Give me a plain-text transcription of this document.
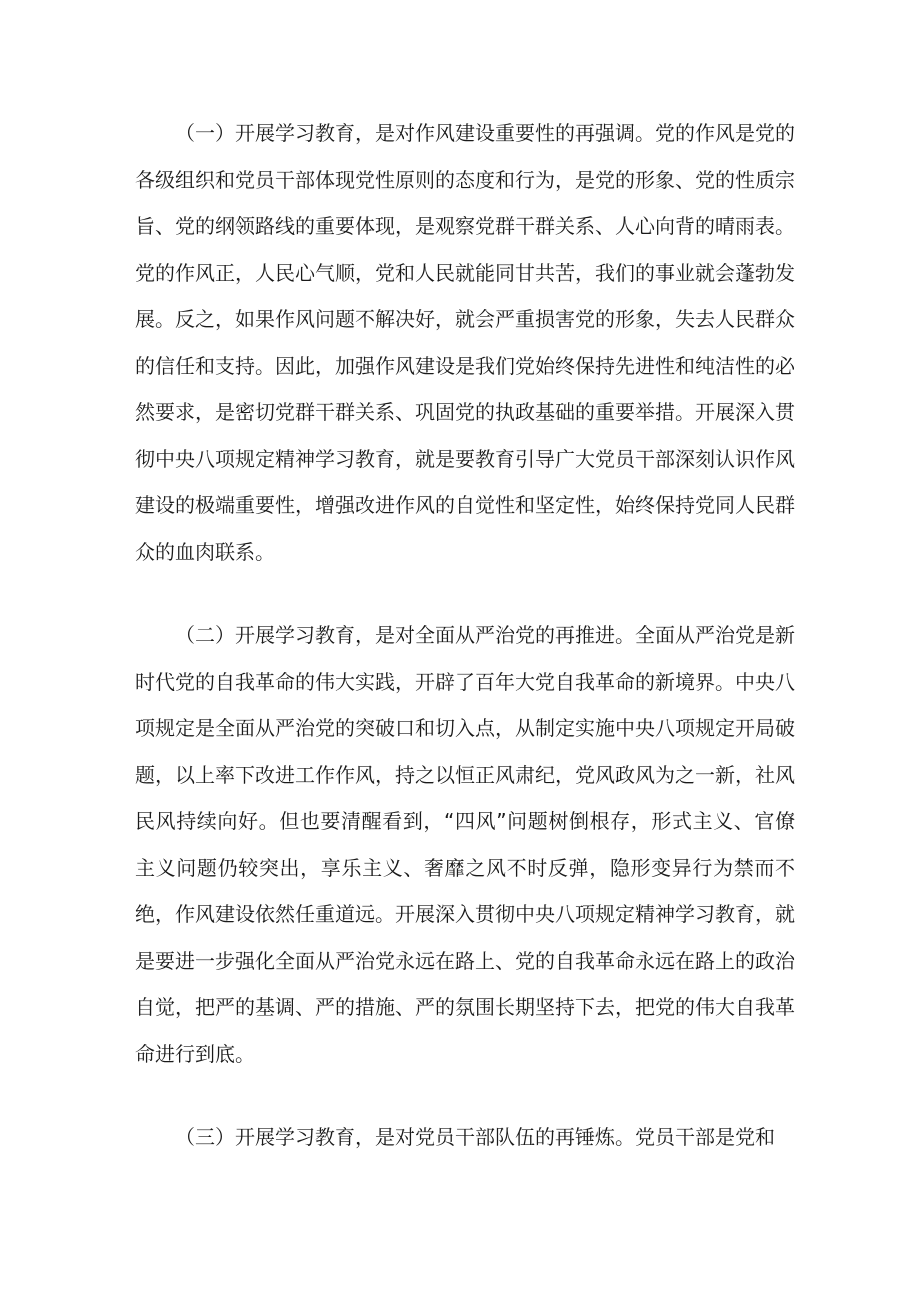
（一）开展学习教育，是对作风建设重要性的再强调。党的作风是党的各级组织和党员干部体现党性原则的态度和行为，是党的形象、党的性质宗旨、党的纲领路线的重要体现，是观察党群干群关系、人心向背的晴雨表。党的作风正，人民心气顺，党和人民就能同甘共苦，我们的事业就会蓬勃发展。反之，如果作风问题不解决好，就会严重损害党的形象，失去人民群众的信任和支持。因此，加强作风建设是我们党始终保持先进性和纯洁性的必然要求，是密切党群干群关系、巩固党的执政基础的重要举措。开展深入贯彻中央八项规定精神学习教育，就是要教育引导广大党员干部深刻认识作风建设的极端重要性，增强改进作风的自觉性和坚定性，始终保持党同人民群众的血肉联系。

（二）开展学习教育，是对全面从严治党的再推进。全面从严治党是新时代党的自我革命的伟大实践，开辟了百年大党自我革命的新境界。中央八项规定是全面从严治党的突破口和切入点，从制定实施中央八项规定开局破题，以上率下改进工作作风，持之以恒正风肃纪，党风政风为之一新，社风民风持续向好。但也要清醒看到，“四风”问题树倒根存，形式主义、官僚主义问题仍较突出，享乐主义、奢靡之风不时反弹，隐形变异行为禁而不绝，作风建设依然任重道远。开展深入贯彻中央八项规定精神学习教育，就是要进一步强化全面从严治党永远在路上、党的自我革命永远在路上的政治自觉，把严的基调、严的措施、严的氛围长期坚持下去，把党的伟大自我革命进行到底。

（三）开展学习教育，是对党员干部队伍的再锤炼。党员干部是党和
